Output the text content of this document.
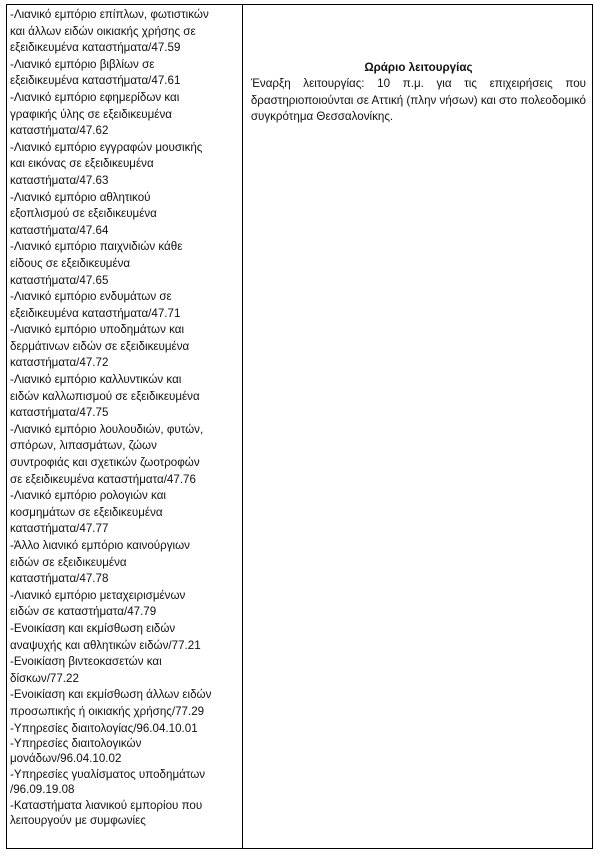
-Λιανικό εμπόριο επίπλων, φωτιστικών
και άλλων ειδών οικιακής χρήσης σε
εξειδικευμένα καταστήματα/47.59

-Λιανικό εμπόριο βιβλίων σε
εξειδικευμένα καταστήματα/47.61

-Λιανικό εμπόριο εφημερίδων και
γραφικής ύλης σε εξειδικευμένα
καταστήματα/47.62

-Λιανικό εμπόριο εγγραφών μουσικής
και εικόνας σε εξειδικευμένα
καταστήματα/47.63

-Λιανικό εμπόριο αθλητικού
εξοπλισμού σε εξειδικευμένα
καταστήματα/47.64

-Λιανικό εμπόριο παιχνιδιών κάθε
είδους σε εξειδικευμένα
καταστήματα/47.65

-Λιανικό εμπόριο ενδυμάτων σε
εξειδικευμένα καταστήματα/47.71

-Λιανικό εμπόριο υποδημάτων και
δερμάτινων ειδών σε εξειδικευμένα
καταστήματα/47.72

-Λιανικό εμπόριο καλλυντικών και
ειδών καλλωπισμού σε εξειδικευμένα
καταστήματα/47.75

-Λιανικό εμπόριο λουλουδιών, φυτών,
σπόρων, λιπασμάτων, ζώων
συντροφιάς και σχετικών ζωοτροφών
σε εξειδικευμένα καταστήματα/47.76

-Λιανικό εμπόριο ρολογιών και
κοσμημάτων σε εξειδικευμένα
καταστήματα/47.77

-Άλλο λιανικό εμπόριο καινούργιων
ειδών σε εξειδικευμένα
καταστήματα/47.78

-Λιανικό εμπόριο μεταχειρισμένων
ειδών σε καταστήματα/47.79

-Ενοικίαση και εκμίσθωση ειδών
αναψυχής και αθλητικών ειδών/77.21

-Ενοικίαση βιντεοκασετών και
δίσκων/77.22

-Ενοικίαση και εκμίσθωση άλλων ειδών
προσωπικής ή οικιακής χρήσης/77.29

-Υπηρεσίες διαιτολογίας/96.04.10.01

-Υπηρεσίες διαιτολογικών
μονάδων/96.04.10.02

-Υπηρεσίες γυαλίσματος υποδημάτων
/96.09.19.08

-Καταστήματα λιανικού εμπορίου που
λειτουργούν με συμφωνίες

Ωράριο λειτουργίας

Έναρξη λειτουργίας: 10 π.μ. για τις επιχειρήσεις που
δραστηριοποιούνται σε Αττική (πλην νήσων) και στο πολεοδομικό
συγκρότημα Θεσσαλονίκης.
